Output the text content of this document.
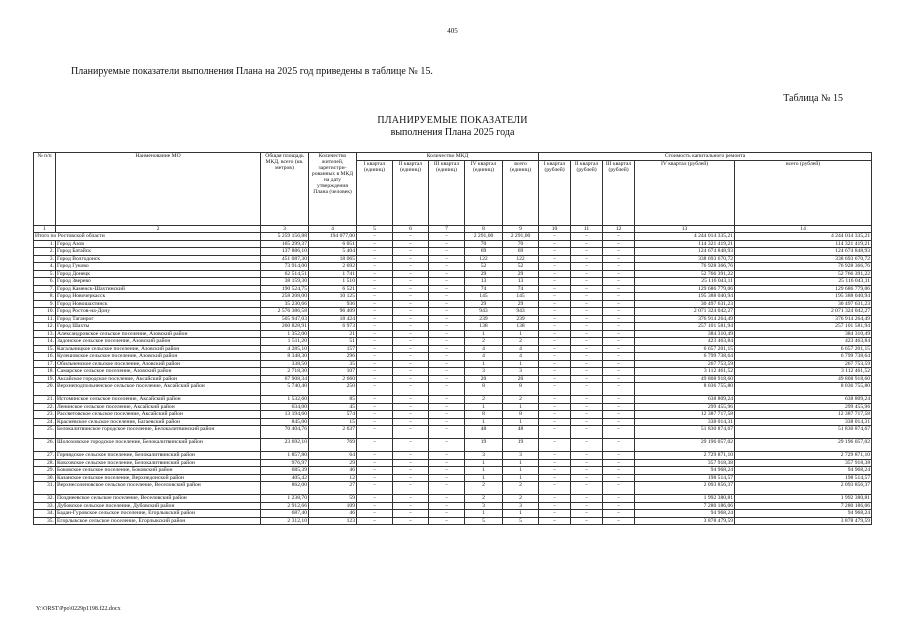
405
Планируемые показатели выполнения Плана на 2025 год приведены в таблице № 15.
Таблица № 15
ПЛАНИРУЕМЫЕ ПОКАЗАТЕЛИ
выполнения Плана 2025 года
№ п/п	Наименование МО	Общая площадь МКД, всего (кв. метров)	Количество жителей, зарегистри-рованных в МКД на дату утверждения Плана (человек)	Количество МКД					Стоимость капитального ремонта				
				I квартал (единиц)	II квартал (единиц)	III квартал (единиц)	IV квартал (единиц)	всего (единиц)	I квартал (рублей)	II квартал (рублей)	III квартал (рублей)	IV квартал (рублей)	всего (рублей)
1	2	3	4	5	6	7	8	9	10	11	12	13	14
Итого по Ростовской области		5 259 156,88	194 077,00	–	–	–	2 291,00	2 291,00	–	–	–	4 244 014 335,21	4 244 014 335,21
1.	Город Азов	165 299,37	6 051	–	–	–	70	70	–	–	–	114 321 419,21	114 321 419,21
2.	Город Батайск	137 886,10	5 404	–	–	–	69	69	–	–	–	124 674 848,93	124 674 848,93
3.	Город Волгодонск	451 087,30	18 065	–	–	–	122	122	–	–	–	338 693 670,72	338 693 670,72
4.	Город Гуково	73 914,00	2 692	–	–	–	52	52	–	–	–	76 928 366,76	76 928 366,76
5.	Город Донецк	62 514,51	1 741	–	–	–	29	29	–	–	–	52 766 391,22	52 766 391,22
6.	Город Зверево	38 159,30	1 510	–	–	–	13	13	–	–	–	25 116 043,11	25 116 043,11
7.	Город Каменск-Шахтинский	190 524,75	6 521	–	–	–	74	74	–	–	–	129 686 779,06	129 686 779,06
8.	Город Новочеркасск	258 208,00	10 125	–	–	–	145	145	–	–	–	195 388 040,94	195 388 040,94
9.	Город Новошахтинск	35 230,66	936	–	–	–	29	29	–	–	–	30 497 631,23	30 497 631,23
10.	Город Ростов-на-Дону	2 576 386,58	96 409	–	–	–	943	943	–	–	–	2 071 324 042,27	2 071 324 042,27
11.	Город Таганрог	505 947,03	18 424	–	–	–	239	239	–	–	–	376 914 264,49	376 914 264,49
12.	Город Шахты	260 828,91	6 973	–	–	–	138	138	–	–	–	257 101 581,94	257 101 581,94
13.	Александровское сельское поселение, Азовский район	1 352,00	21	–	–	–	1	1	–	–	–	384 310,49	384 310,49
14.	Задонское сельское поселение, Азовский район	1 511,20	51	–	–	–	2	2	–	–	–	423 463,84	423 463,84
15.	Кагальницкое сельское поселение, Азовский район	4 285,10	157	–	–	–	4	4	–	–	–	6 657 201,15	6 657 201,15
16.	Кулешовское сельское поселение, Азовский район	8 348,30	296	–	–	–	4	4	–	–	–	6 799 738,64	6 799 738,64
17.	Обильненское сельское поселение, Азовский район	338,50	35	–	–	–	1	1	–	–	–	267 753,59	267 753,59
18.	Самарское сельское поселение, Азовский район	2 718,30	107	–	–	–	3	3	–	–	–	3 112 461,52	3 112 461,52
19.	Аксайское городское поселение, Аксайский район	67 908,34	2 660	–	–	–	20	20	–	–	–	49 808 918,60	49 808 918,60
20.	Верхнеподпольненское сельское поселение, Аксайский район	5 740,40	250	–	–	–	8	8	–	–	–	8 036 755,80	8 036 755,80
21.	Истоминское сельское поселение, Аксайский район	1 532,60	85	–	–	–	2	2	–	–	–	638 809,24	638 809,24
22.	Ленинское сельское поселение, Аксайский район	634,00	45	–	–	–	1	1	–	–	–	299 455,96	299 455,96
23.	Рассветовское сельское поселение, Аксайский район	13 194,60	574	–	–	–	8	8	–	–	–	12 387 717,58	12 387 717,58
24.	Красиевское сельское поселение, Багаевский район	845,00	15	–	–	–	1	1	–	–	–	338 014,31	338 014,31
25.	Белокалитвинское городское поселение, Белокалитвинский район	70 404,76	2 637	–	–	–	48	48	–	–	–	51 830 874,67	51 830 874,67
26.	Шолоховское городское поселение, Белокалитвинский район	23 692,10	769	–	–	–	19	19	–	–	–	29 196 057,02	29 196 057,02
27.	Горнядское сельское поселение, Белокалитвинский район	1 857,80	64	–	–	–	3	3	–	–	–	2 729 871,10	2 729 871,10
28.	Коксовское сельское поселение, Белокалитвинский район	976,97	29	–	–	–	1	1	–	–	–	357 918,38	357 918,38
29.	Боковское сельское поселение, Боковский район	685,39	46	–	–	–	1	1	–	–	–	94 968,24	94 968,24
30.	Казанское сельское поселение, Верхнедонской район	405,42	12	–	–	–	1	1	–	–	–	198 514,57	198 514,57
31.	Верхнесоленовское сельское поселение, Веселовский район	862,00	27	–	–	–	2	2	–	–	–	2 093 856,37	2 093 856,37
32.	Позднеевское сельское поселение, Веселовский район	1 238,70	59	–	–	–	2	2	–	–	–	1 992 380,81	1 992 380,81
33.	Дубовское сельское поселение, Дубовский район	2 912,66	109	–	–	–	3	3	–	–	–	7 280 186,06	7 280 186,06
34.	Бадан-Гуровское сельское поселение, Егорлыкский район	687,40	46	–	–	–	1	1	–	–	–	94 968,24	94 968,24
35.	Егорлыкское сельское поселение, Егорлыкский район	2 312,10	123	–	–	–	5	5	–	–	–	3 878 479,59	3 878 479,59
Y:\ORST\Ppo\0229p1198.f22.docx
